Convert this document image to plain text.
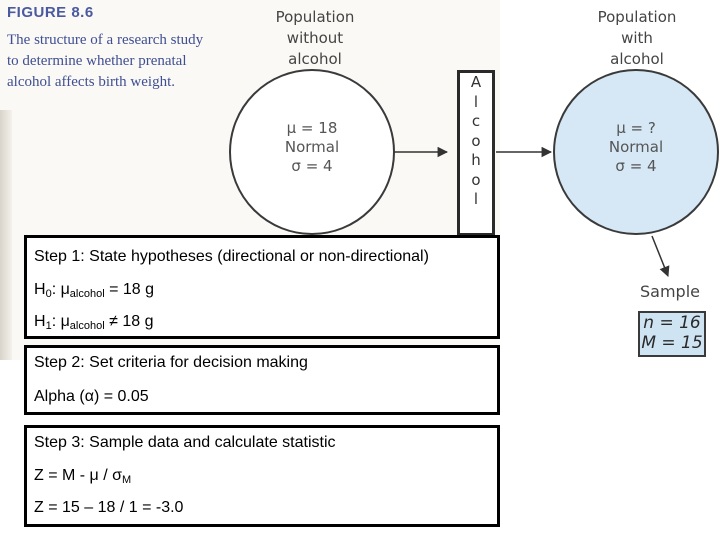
FIGURE 8.6

The structure of a research study to determine whether prenatal alcohol affects birth weight.

Population
without
alcohol
Population
with
alcohol
μ = 18
Normal
σ = 4
μ = ?
Normal
σ = 4
A
l
c
o
h
o
l
Sample
n = 16
M = 15
Step 1: State hypotheses (directional or non-directional)
$H_0$: $\mu_{alcohol} = 18$ g
$H_1$: $\mu_{alcohol} \ne 18$ g
Step 2: Set criteria for decision making
Alpha (α) = 0.05
Step 3: Sample data and calculate statistic
$Z = M - \mu / \sigma_M$
Z = 15 – 18 / 1 = -3.0
